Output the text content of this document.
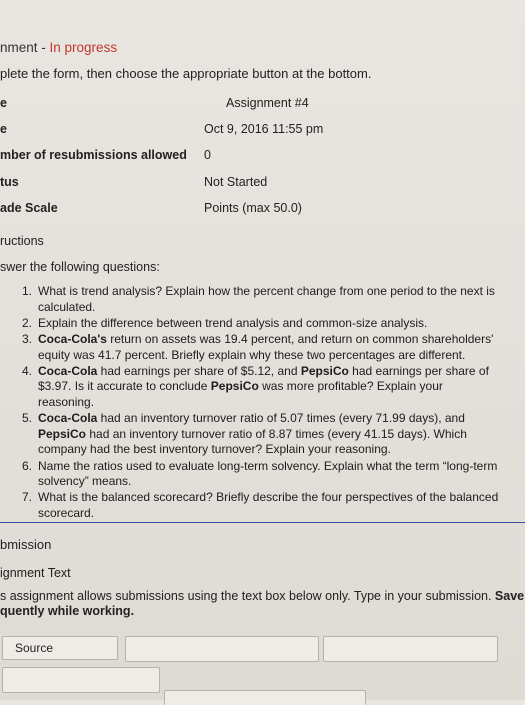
nment - In progress
plete the form, then choose the appropriate button at the bottom.
e	Assignment #4
e	Oct 9, 2016 11:55 pm
mber of resubmissions allowed 0
tus	Not Started
ade Scale	Points (max 50.0)
ructions
swer the following questions:
1. What is trend analysis? Explain how the percent change from one period to the next is calculated.
2. Explain the difference between trend analysis and common-size analysis.
3. Coca-Cola's return on assets was 19.4 percent, and return on common shareholders' equity was 41.7 percent. Briefly explain why these two percentages are different.
4. Coca-Cola had earnings per share of $5.12, and PepsiCo had earnings per share of $3.97. Is it accurate to conclude PepsiCo was more profitable? Explain your reasoning.
5. Coca-Cola had an inventory turnover ratio of 5.07 times (every 71.99 days), and PepsiCo had an inventory turnover ratio of 8.87 times (every 41.15 days). Which company had the best inventory turnover? Explain your reasoning.
6. Name the ratios used to evaluate long-term solvency. Explain what the term “long-term solvency” means.
7. What is the balanced scorecard? Briefly describe the four perspectives of the balanced scorecard.
bmission
ignment Text
s assignment allows submissions using the text box below only. Type in your submission. Save
quently while working.
Source
